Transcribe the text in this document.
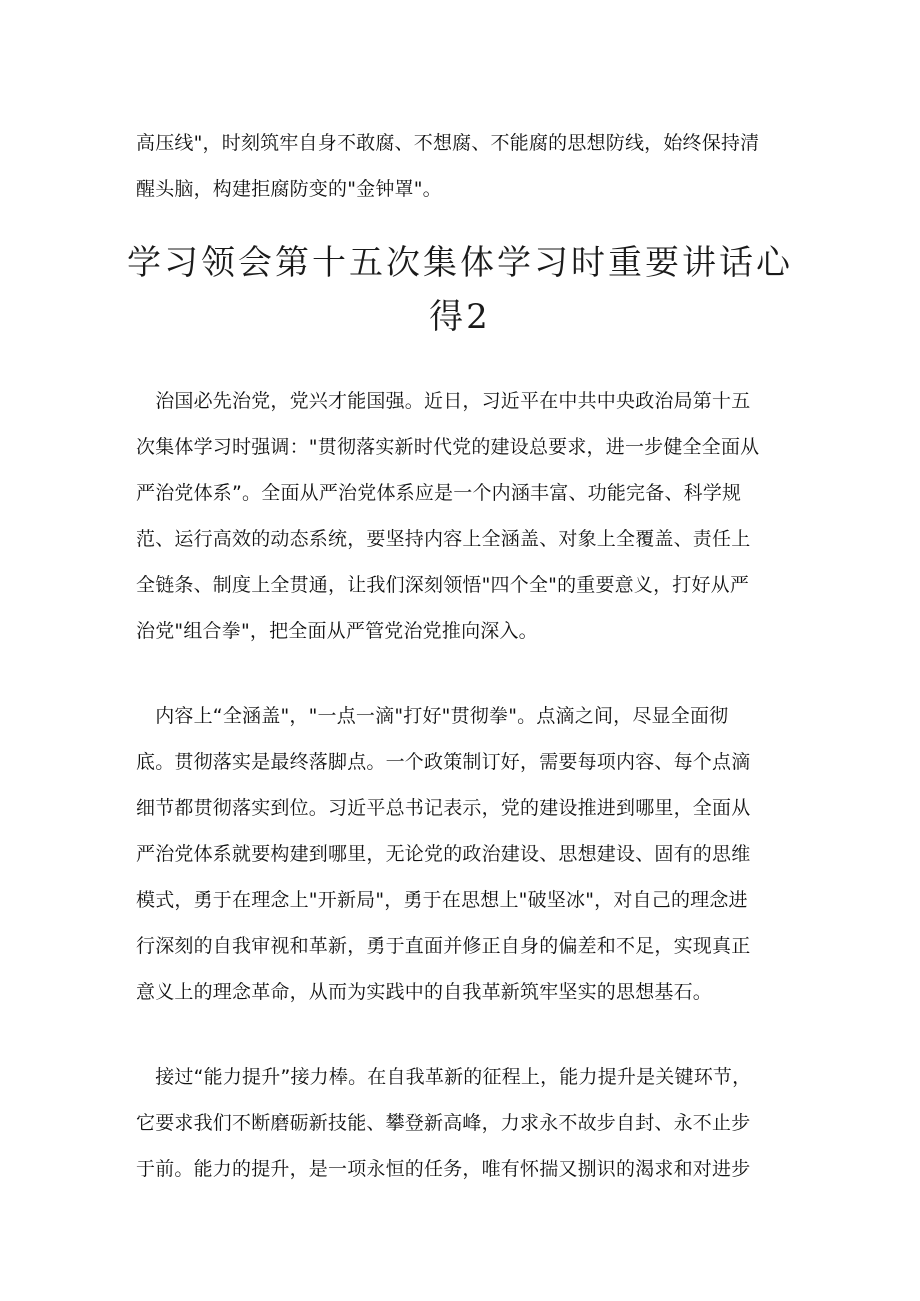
高压线"，时刻筑牢自身不敢腐、不想腐、不能腐的思想防线，始终保持清
醒头脑，构建拒腐防变的"金钟罩"。
学习领会第十五次集体学习时重要讲话心
得2
　治国必先治党，党兴才能国强。近日，习近平在中共中央政治局第十五
次集体学习时强调："贯彻落实新时代党的建设总要求，进一步健全全面从
严治党体系”。全面从严治党体系应是一个内涵丰富、功能完备、科学规
范、运行高效的动态系统，要坚持内容上全涵盖、对象上全覆盖、责任上
全链条、制度上全贯通，让我们深刻领悟"四个全"的重要意义，打好从严
治党"组合拳"，把全面从严管党治党推向深入。
　内容上“全涵盖"，"一点一滴"打好"贯彻拳"。点滴之间，尽显全面彻
底。贯彻落实是最终落脚点。一个政策制订好，需要每项内容、每个点滴
细节都贯彻落实到位。习近平总书记表示，党的建设推进到哪里，全面从
严治党体系就要构建到哪里，无论党的政治建设、思想建设、固有的思维
模式，勇于在理念上"开新局"，勇于在思想上"破坚冰"，对自己的理念进
行深刻的自我审视和革新，勇于直面并修正自身的偏差和不足，实现真正
意义上的理念革命，从而为实践中的自我革新筑牢坚实的思想基石。
　接过“能力提升”接力棒。在自我革新的征程上，能力提升是关键环节，
它要求我们不断磨砺新技能、攀登新高峰，力求永不故步自封、永不止步
于前。能力的提升，是一项永恒的任务，唯有怀揣又捌识的渴求和对进步
